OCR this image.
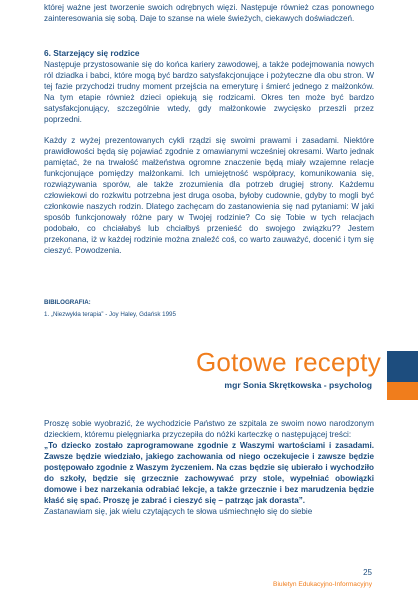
której ważne jest tworzenie swoich odrębnych więzi. Następuje również czas ponownego zainteresowania się sobą. Daje to szanse na wiele świeżych, ciekawych doświadczeń.

6. Starzejący się rodzice

Następuje przystosowanie się do końca kariery zawodowej, a także podejmowania nowych ról dziadka i babci, które mogą być bardzo satysfakcjonujące i pożyteczne dla obu stron. W tej fazie przychodzi trudny moment przejścia na emeryturę i śmierć jednego z małżonków. Na tym etapie również dzieci opiekują się rodzicami. Okres ten może być bardzo satysfakcjonujący, szczególnie wtedy, gdy małżonkowie zwycięsko przeszli przez poprzedni.

Każdy z wyżej prezentowanych cykli rządzi się swoimi prawami i zasadami. Niektóre prawidłowości będą się pojawiać zgodnie z omawianymi wcześniej okresami. Warto jednak pamiętać, że na trwałość małżeństwa ogromne znaczenie będą miały wzajemne relacje funkcjonujące pomiędzy małżonkami. Ich umiejętność współpracy, komunikowania się, rozwiązywania sporów, ale także zrozumienia dla potrzeb drugiej strony. Każdemu człowiekowi do rozkwitu potrzebna jest druga osoba, byłoby cudownie, gdyby to mogli być członkowie naszych rodzin. Dlatego zachęcam do zastanowienia się nad pytaniami: W jaki sposób funkcjonowały różne pary w Twojej rodzinie? Co się Tobie w tych relacjach podobało, co chciałabyś lub chciałbyś przenieść do swojego związku?? Jestem przekonana, iż w każdej rodzinie można znaleźć coś, co warto zauważyć, docenić i tym się cieszyć. Powodzenia.

BIBILOGRAFIA:

1. „Niezwykła terapia” - Joy Haley, Gdańsk 1995

Gotowe recepty
mgr Sonia Skrętkowska - psycholog

Proszę sobie wyobrazić, że wychodzicie Państwo ze szpitala ze swoim nowo narodzonym dzieckiem, któremu pielęgniarka przyczepiła do nóżki karteczkę o następującej treści:

„To dziecko zostało zaprogramowane zgodnie z Waszymi wartościami i zasadami. Zawsze będzie wiedziało, jakiego zachowania od niego oczekujecie i zawsze będzie postępowało zgodnie z Waszym życzeniem. Na czas będzie się ubierało i wychodziło do szkoły, będzie się grzecznie zachowywać przy stole, wypełniać obowiązki domowe i bez narzekania odrabiać lekcje, a także grzecznie i bez marudzenia będzie kłaść się spać. Proszę je zabrać i cieszyć się – patrząc jak dorasta”.

Zastanawiam się, jak wielu czytających te słowa uśmiechnęło się do siebie

25
Biuletyn Edukacyjno-Informacyjny
